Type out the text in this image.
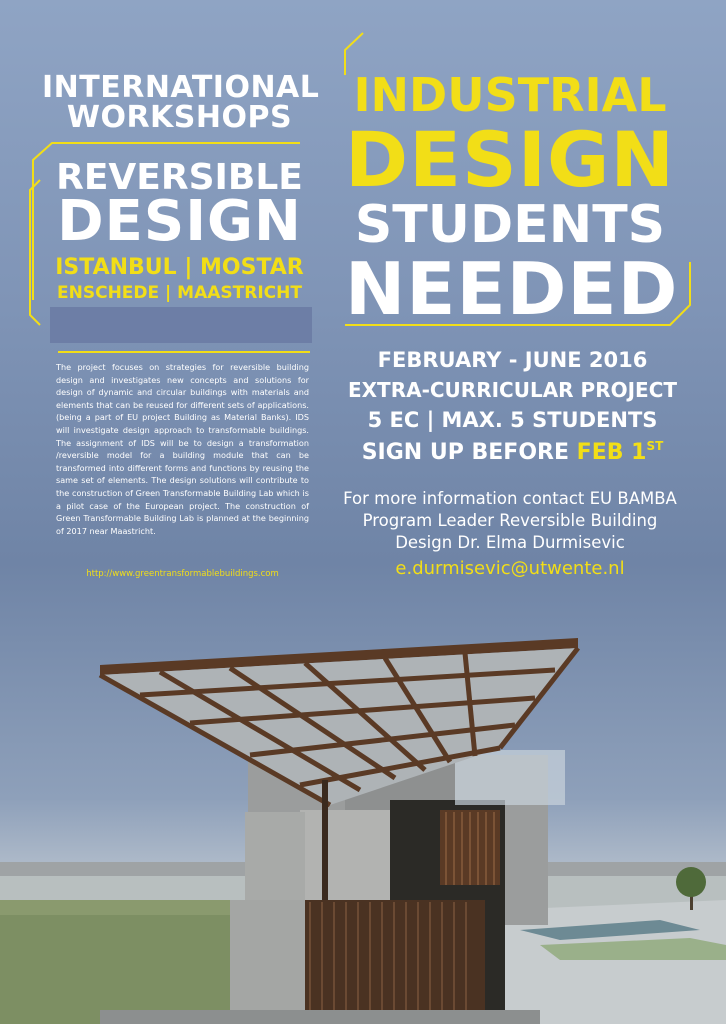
INTERNATIONAL
WORKSHOPS
REVERSIBLE
DESIGN
ISTANBUL | MOSTAR
ENSCHEDE | MAASTRICHT
The project focuses on strategies for reversible building design and investigates new concepts and solutions for design of dynamic and circular buildings with materials and elements that can be reused for different sets of applications. (being a part of EU project Building as Material Banks). IDS will investigate design approach to transformable buildings. The assignment of IDS will be to design a transformation /reversible model for a building module that can be transformed into different forms and functions by reusing the same set of elements. The design solutions will contribute to the construction of Green Transformable Building Lab which is a pilot case of the European project. The construction of Green Transformable Building Lab is planned at the beginning of 2017 near Maastricht.
http://www.greentransformablebuildings.com
INDUSTRIAL
DESIGN
STUDENTS
NEEDED
FEBRUARY - JUNE 2016
EXTRA-CURRICULAR PROJECT
5 EC | MAX. 5 STUDENTS
SIGN UP BEFORE FEB 1ST
For more information contact EU BAMBA Program Leader Reversible Building Design Dr. Elma Durmisevic
e.durmisevic@utwente.nl
